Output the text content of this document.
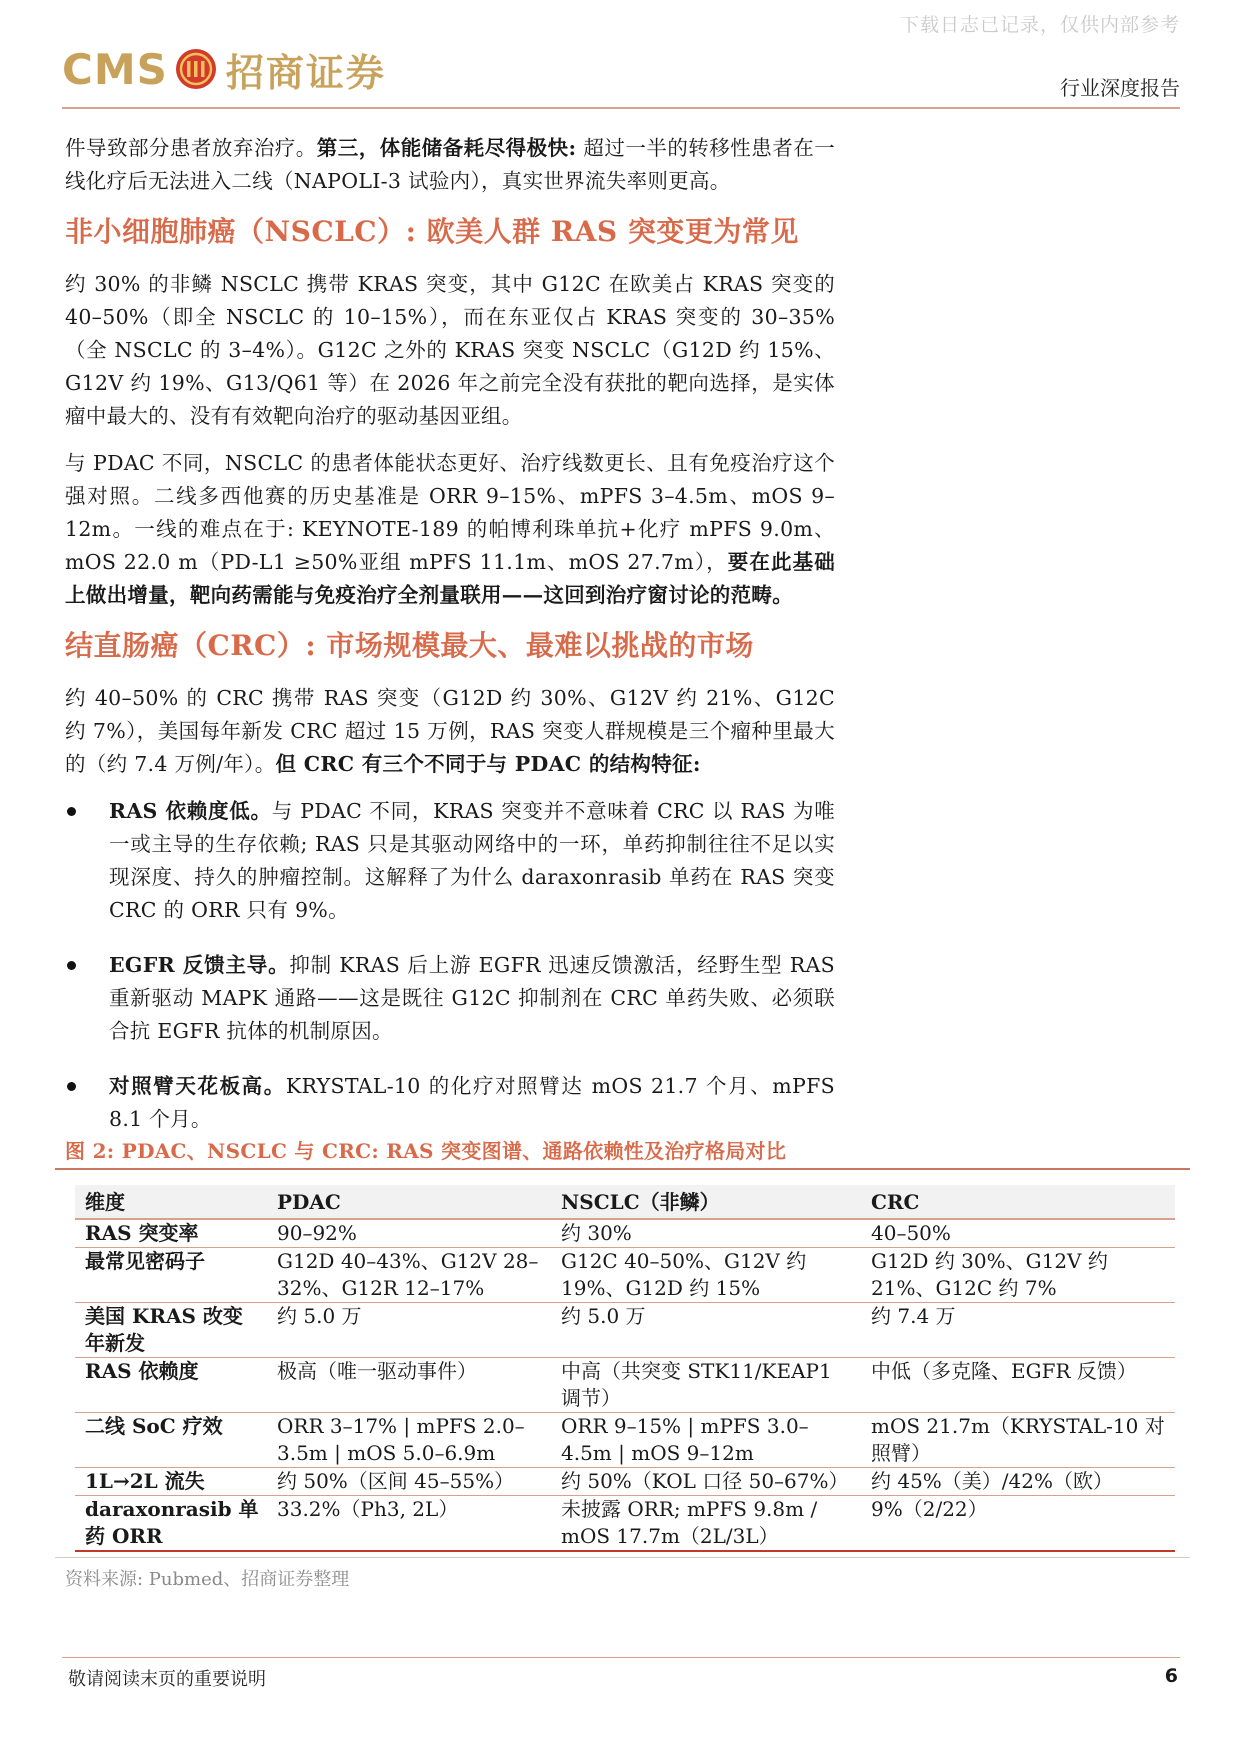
下载日志已记录，仅供内部参考
CMS 招商证券	行业深度报告

件导致部分患者放弃治疗。第三，体能储备耗尽得极快: 超过一半的转移性患者在一线化疗后无法进入二线（NAPOLI-3 试验内），真实世界流失率则更高。

非小细胞肺癌（NSCLC）: 欧美人群 RAS 突变更为常见

约 30% 的非鳞 NSCLC 携带 KRAS 突变，其中 G12C 在欧美占 KRAS 突变的 40–50%（即全 NSCLC 的 10–15%），而在东亚仅占 KRAS 突变的 30–35%（全 NSCLC 的 3–4%）。G12C 之外的 KRAS 突变 NSCLC（G12D 约 15%、G12V 约 19%、G13/Q61 等）在 2026 年之前完全没有获批的靶向选择，是实体瘤中最大的、没有有效靶向治疗的驱动基因亚组。

与 PDAC 不同，NSCLC 的患者体能状态更好、治疗线数更长、且有免疫治疗这个强对照。二线多西他赛的历史基准是 ORR 9–15%、mPFS 3–4.5m、mOS 9–12m。一线的难点在于: KEYNOTE-189 的帕博利珠单抗+化疗 mPFS 9.0m、mOS 22.0 m（PD-L1 ≥50%亚组 mPFS 11.1m、mOS 27.7m），要在此基础上做出增量，靶向药需能与免疫治疗全剂量联用——这回到治疗窗讨论的范畴。

结直肠癌（CRC）: 市场规模最大、最难以挑战的市场

约 40–50% 的 CRC 携带 RAS 突变（G12D 约 30%、G12V 约 21%、G12C 约 7%），美国每年新发 CRC 超过 15 万例，RAS 突变人群规模是三个瘤种里最大的（约 7.4 万例/年）。但 CRC 有三个不同于与 PDAC 的结构特征:

RAS 依赖度低。与 PDAC 不同，KRAS 突变并不意味着 CRC 以 RAS 为唯一或主导的生存依赖; RAS 只是其驱动网络中的一环，单药抑制往往不足以实现深度、持久的肿瘤控制。这解释了为什么 daraxonrasib 单药在 RAS 突变 CRC 的 ORR 只有 9%。
EGFR 反馈主导。抑制 KRAS 后上游 EGFR 迅速反馈激活，经野生型 RAS 重新驱动 MAPK 通路——这是既往 G12C 抑制剂在 CRC 单药失败、必须联合抗 EGFR 抗体的机制原因。
对照臂天花板高。KRYSTAL-10 的化疗对照臂达 mOS 21.7 个月、mPFS 8.1 个月。
图 2: PDAC、NSCLC 与 CRC: RAS 突变图谱、通路依赖性及治疗格局对比
维度	PDAC	NSCLC（非鳞）	CRC
RAS 突变率	90–92%	约 30%	40–50%
最常见密码子	G12D 40–43%、G12V 28–32%、G12R 12–17%	G12C 40–50%、G12V 约 19%、G12D 约 15%	G12D 约 30%、G12V 约 21%、G12C 约 7%
美国 KRAS 改变年新发	约 5.0 万	约 5.0 万	约 7.4 万
RAS 依赖度	极高（唯一驱动事件）	中高（共突变 STK11/KEAP1 调节）	中低（多克隆、EGFR 反馈）
二线 SoC 疗效	ORR 3–17% | mPFS 2.0–3.5m | mOS 5.0–6.9m	ORR 9–15% | mPFS 3.0–4.5m | mOS 9–12m	mOS 21.7m（KRYSTAL-10 对照臂）
1L→2L 流失	约 50%（区间 45–55%）	约 50%（KOL 口径 50–67%）	约 45%（美）/42%（欧）
daraxonrasib 单药 ORR	33.2%（Ph3, 2L）	未披露 ORR; mPFS 9.8m / mOS 17.7m（2L/3L）	9%（2/22）
资料来源: Pubmed、招商证券整理
敬请阅读末页的重要说明	6
